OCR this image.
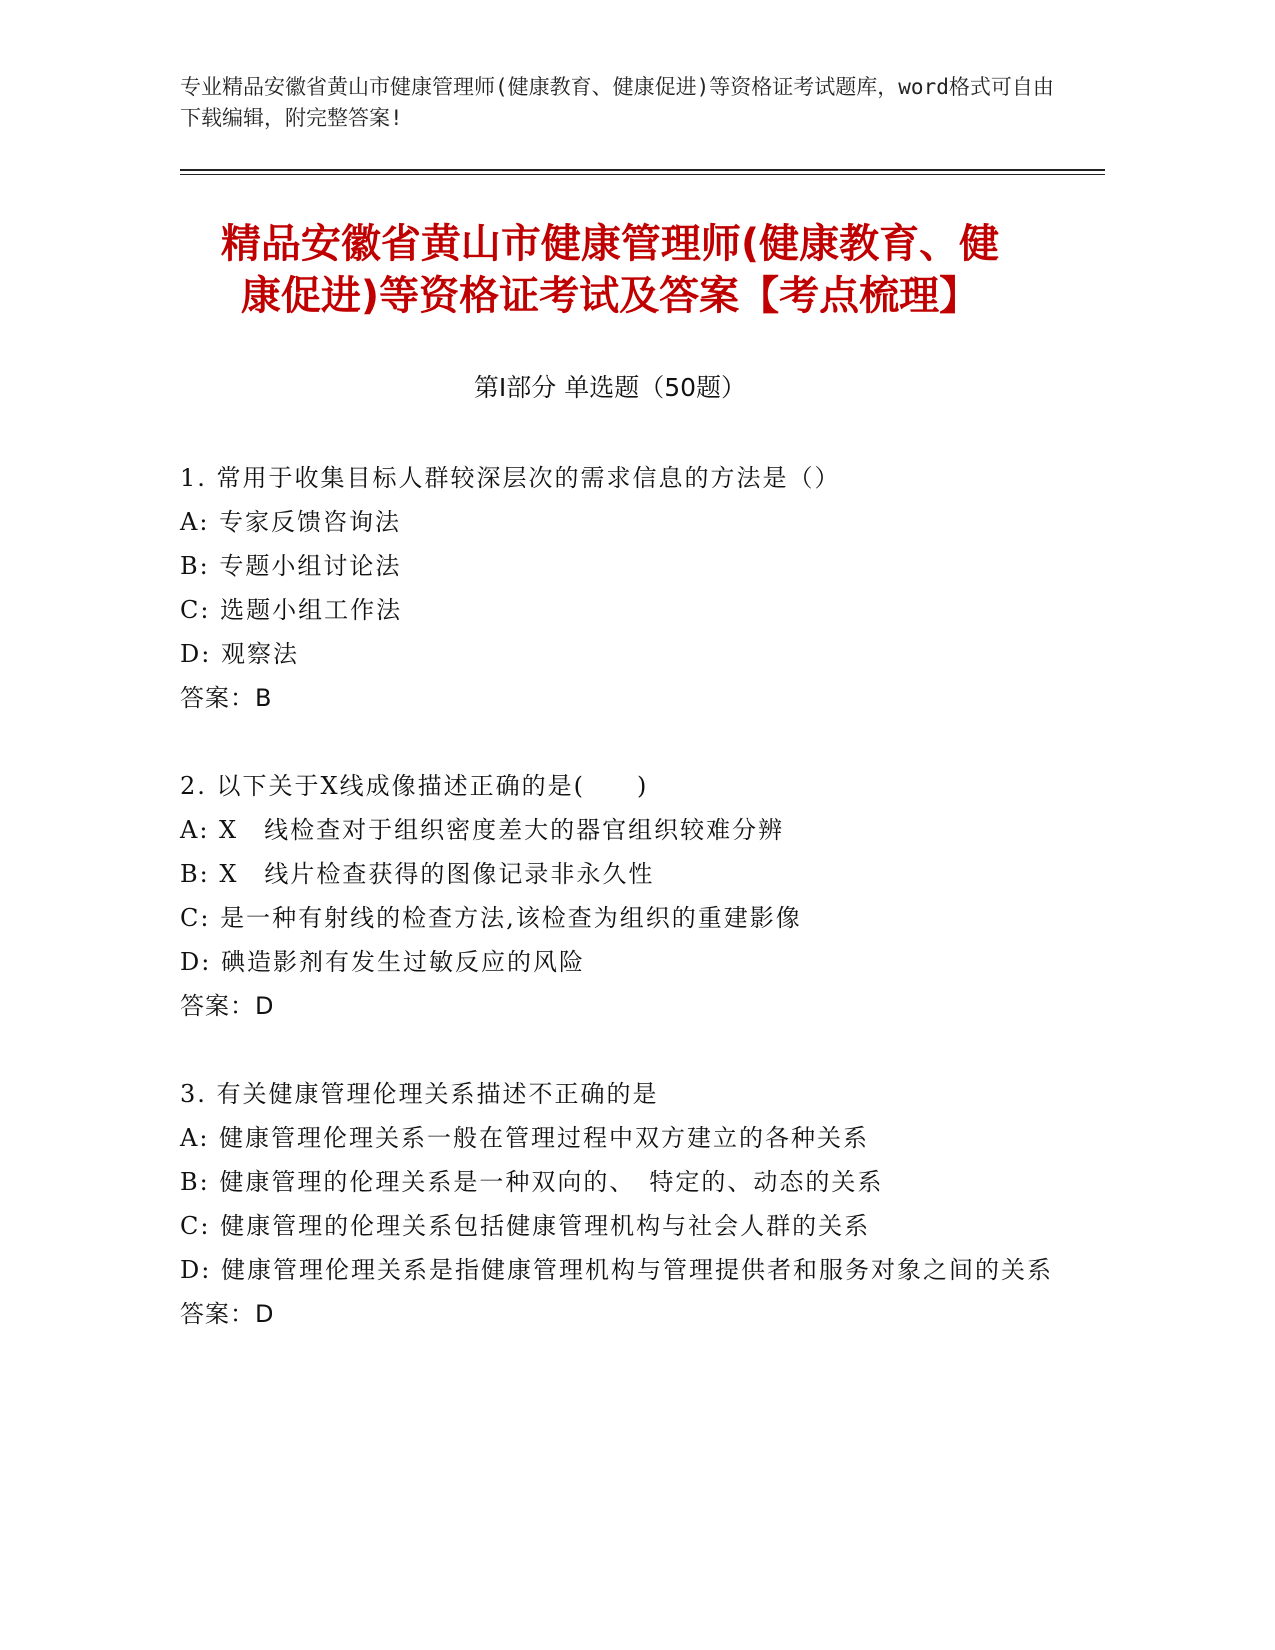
专业精品安徽省黄山市健康管理师(健康教育、健康促进)等资格证考试题库，word格式可自由下载编辑，附完整答案!
精品安徽省黄山市健康管理师(健康教育、健
康促进)等资格证考试及答案【考点梳理】
第Ⅰ部分 单选题（50题）
1. 常用于收集目标人群较深层次的需求信息的方法是（）
A: 专家反馈咨询法
B: 专题小组讨论法
C: 选题小组工作法
D: 观察法
答案：B
2. 以下关于X线成像描述正确的是(　　)
A: X　线检查对于组织密度差大的器官组织较难分辨
B: X　线片检查获得的图像记录非永久性
C: 是一种有射线的检查方法,该检查为组织的重建影像
D: 碘造影剂有发生过敏反应的风险
答案：D
3. 有关健康管理伦理关系描述不正确的是
A: 健康管理伦理关系一般在管理过程中双方建立的各种关系
B: 健康管理的伦理关系是一种双向的、　特定的、动态的关系
C: 健康管理的伦理关系包括健康管理机构与社会人群的关系
D: 健康管理伦理关系是指健康管理机构与管理提供者和服务对象之间的关系
答案：D
